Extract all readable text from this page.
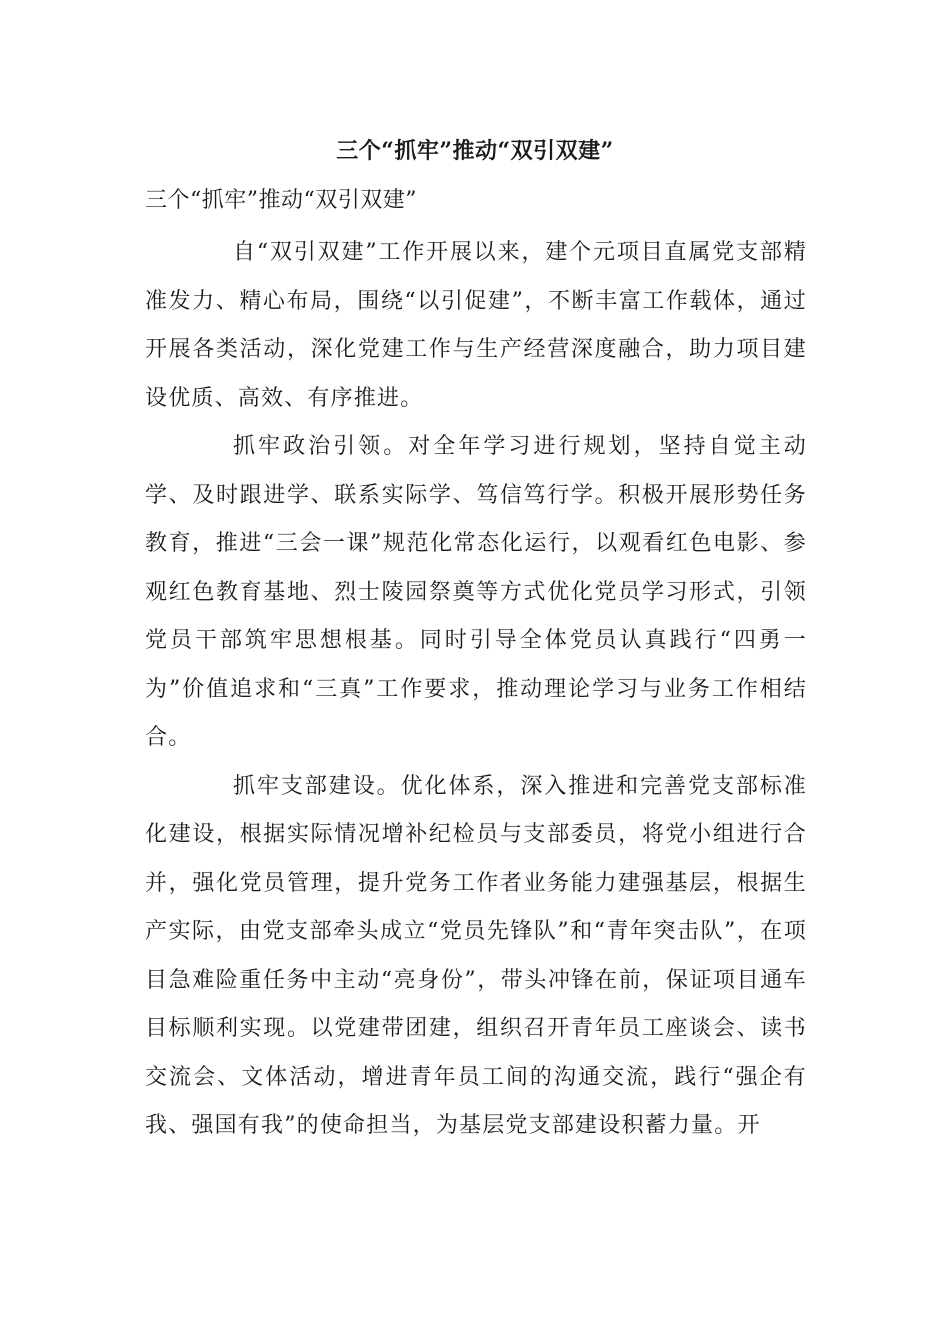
三个“抓牢”推动“双引双建”

三个“抓牢”推动“双引双建”

自“双引双建”工作开展以来，建个元项目直属党支部精准发力、精心布局，围绕“以引促建”，不断丰富工作载体，通过开展各类活动，深化党建工作与生产经营深度融合，助力项目建设优质、高效、有序推进。

抓牢政治引领。对全年学习进行规划，坚持自觉主动学、及时跟进学、联系实际学、笃信笃行学。积极开展形势任务教育，推进“三会一课”规范化常态化运行，以观看红色电影、参观红色教育基地、烈士陵园祭奠等方式优化党员学习形式，引领党员干部筑牢思想根基。同时引导全体党员认真践行“四勇一为”价值追求和“三真”工作要求，推动理论学习与业务工作相结合。

抓牢支部建设。优化体系，深入推进和完善党支部标准化建设，根据实际情况增补纪检员与支部委员，将党小组进行合并，强化党员管理，提升党务工作者业务能力建强基层，根据生产实际，由党支部牵头成立“党员先锋队”和“青年突击队”，在项目急难险重任务中主动“亮身份”，带头冲锋在前，保证项目通车目标顺利实现。以党建带团建，组织召开青年员工座谈会、读书交流会、文体活动，增进青年员工间的沟通交流，践行“强企有我、强国有我”的使命担当，为基层党支部建设积蓄力量。开
